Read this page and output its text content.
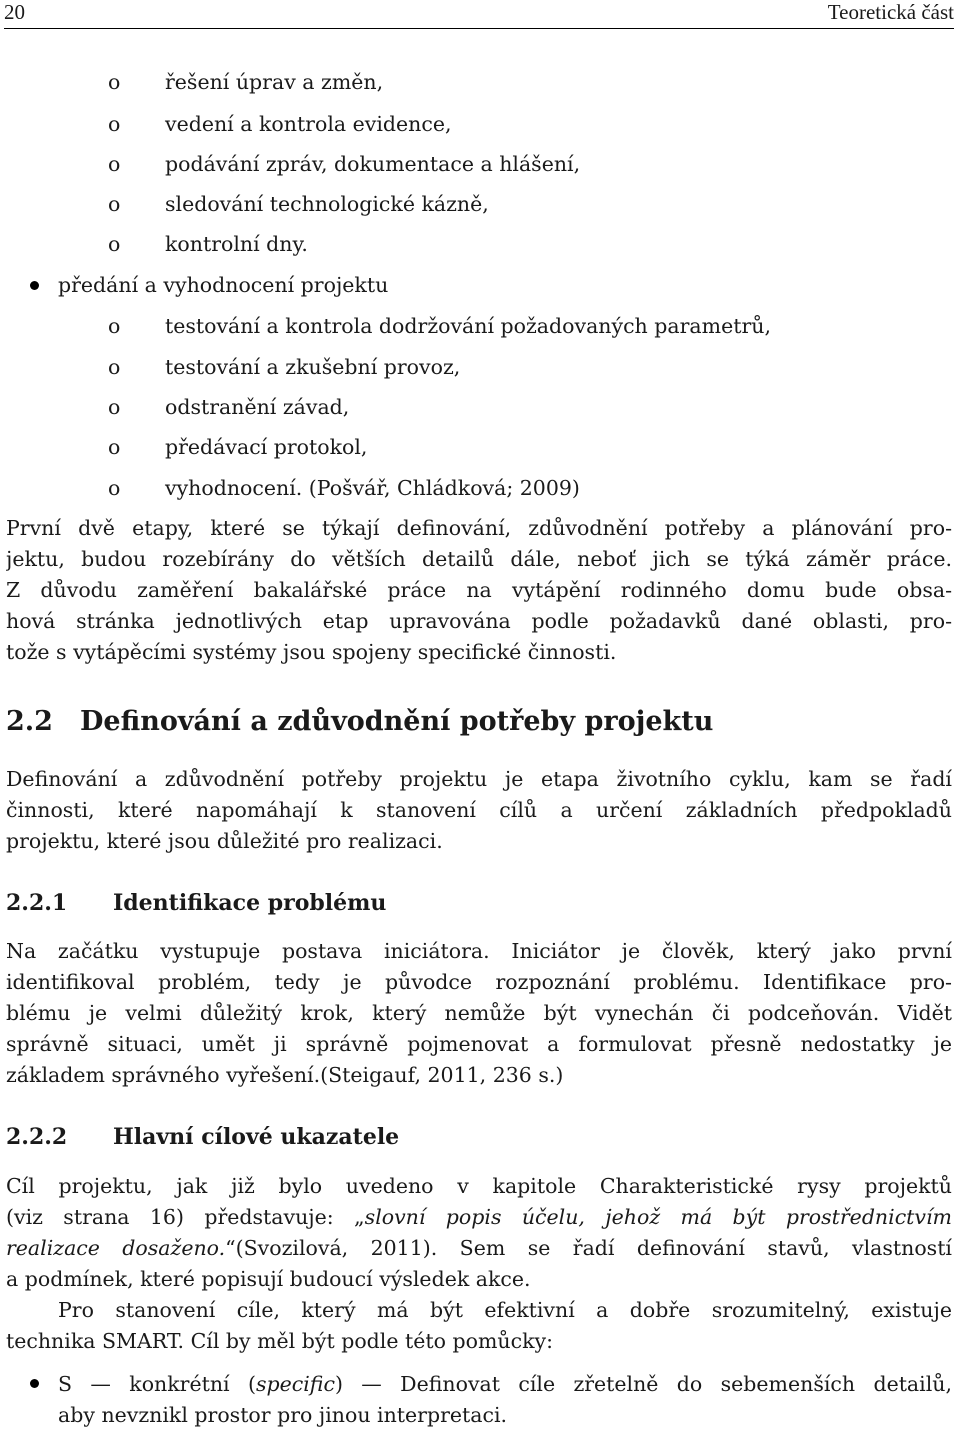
20	Teoretická část
o řešení úprav a změn,
o vedení a kontrola evidence,
o podávání zpráv, dokumentace a hlášení,
o sledování technologické kázně,
o kontrolní dny.
předání a vyhodnocení projektu
o testování a kontrola dodržování požadovaných parametrů,
o testování a zkušební provoz,
o odstranění závad,
o předávací protokol,
o vyhodnocení. (Pošvář, Chládková; 2009)
První dvě etapy, které se týkají definování, zdůvodnění potřeby a plánování pro-
jektu, budou rozebírány do větších detailů dále, neboť jich se týká záměr práce.
Z důvodu zaměření bakalářské práce na vytápění rodinného domu bude obsa-
hová stránka jednotlivých etap upravována podle požadavků dané oblasti, pro-
tože s vytápěcími systémy jsou spojeny specifické činnosti.
2.2 Definování a zdůvodnění potřeby projektu
Definování a zdůvodnění potřeby projektu je etapa životního cyklu, kam se řadí
činnosti, které napomáhají k stanovení cílů a určení základních předpokladů
projektu, které jsou důležité pro realizaci.
2.2.1 Identifikace problému
Na začátku vystupuje postava iniciátora. Iniciátor je člověk, který jako první
identifikoval problém, tedy je původce rozpoznání problému. Identifikace pro-
blému je velmi důležitý krok, který nemůže být vynechán či podceňován. Vidět
správně situaci, umět ji správně pojmenovat a formulovat přesně nedostatky je
základem správného vyřešení.(Steigauf, 2011, 236 s.)
2.2.2 Hlavní cílové ukazatele
Cíl projektu, jak již bylo uvedeno v kapitole Charakteristické rysy projektů
(viz strana 16) představuje: „slovní popis účelu, jehož má být prostřednictvím
realizace dosaženo.“(Svozilová, 2011). Sem se řadí definování stavů, vlastností
a podmínek, které popisují budoucí výsledek akce.
Pro stanovení cíle, který má být efektivní a dobře srozumitelný, existuje
technika SMART. Cíl by měl být podle této pomůcky:
S — konkrétní (specific) — Definovat cíle zřetelně do sebemenších detailů,
aby nevznikl prostor pro jinou interpretaci.
